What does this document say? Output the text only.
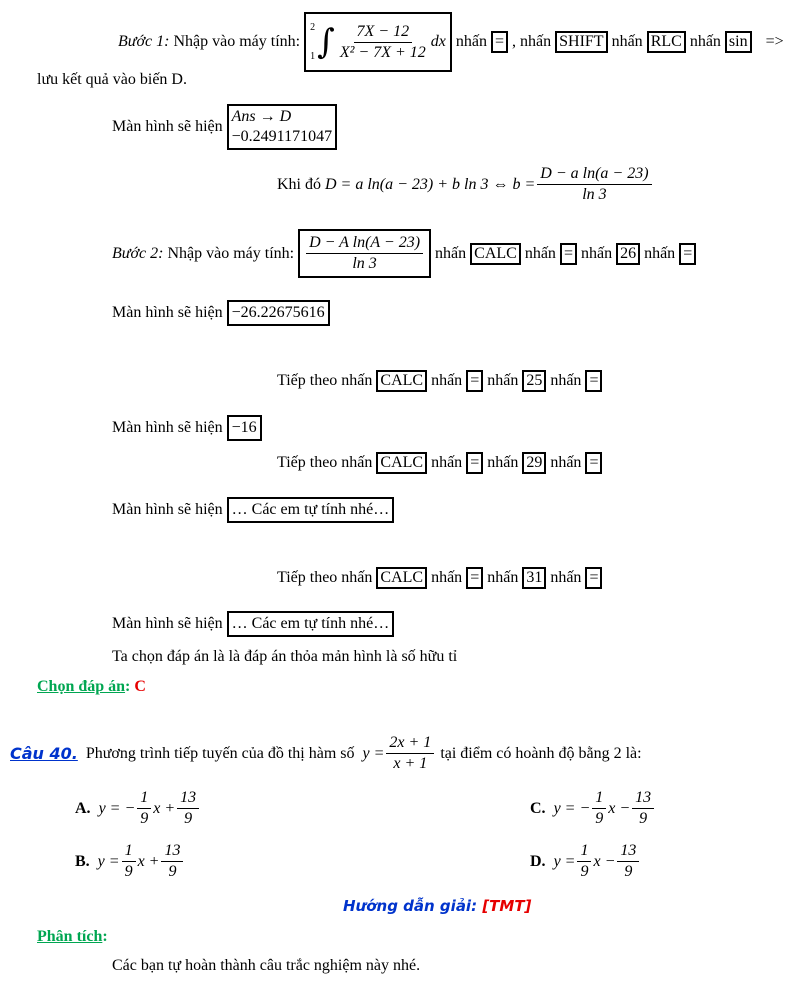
Bước 1:
Nhập vào máy tính:

2
1 ∫ $\frac{7X - 12}{\text{X² − 7X + 12}}$ dx
nhấn = , nhấn SHIFT nhấn RLC nhấn sin =>
lưu kết quả vào biến D.
Màn hình sẽ hiện

Ans → D
−0.2491171047
Khi đó
D = a ln(a − 23) + b ln 3 ⇔ $b = \frac{\text{D − a ln(a − 23)}}{\ln 3}$
Bước 2:
Nhập vào máy tính:
$\frac{\text{D − A ln(A − 23)}}{\ln 3}$
nhấn CALC nhấn = nhấn 26 nhấn =
Màn hình sẽ hiện
−26.22675616
Tiếp theo nhấn CALC nhấn = nhấn 25 nhấn =
Màn hình sẽ hiện
−16
Tiếp theo nhấn CALC nhấn = nhấn 29 nhấn =
Màn hình sẽ hiện
… Các em tự tính nhé…
Tiếp theo nhấn CALC nhấn = nhấn 31 nhấn =
Màn hình sẽ hiện
… Các em tự tính nhé…
Ta chọn đáp án là là đáp án thỏa mản hình là số hữu tỉ
Chọn đáp án :
C
Câu 40.
Phương trình tiếp tuyến của đồ thị hàm số
$y = \frac{2x + 1}{x + 1}$
tại điểm có hoành độ bằng 2 là:
A. y = − $\frac{1}{9}$ $x + \frac{13}{9}$	C. y = − $\frac{1}{9}$ $x - \frac{13}{9}$
B. $y = \frac{1}{9}$ $x + \frac{13}{9}$	D. $y = \frac{1}{9}$ $x - \frac{13}{9}$
Hướng dẫn giải:
[TMT]
Phân tích :
Các bạn tự hoàn thành câu trắc nghiệm này nhé.
